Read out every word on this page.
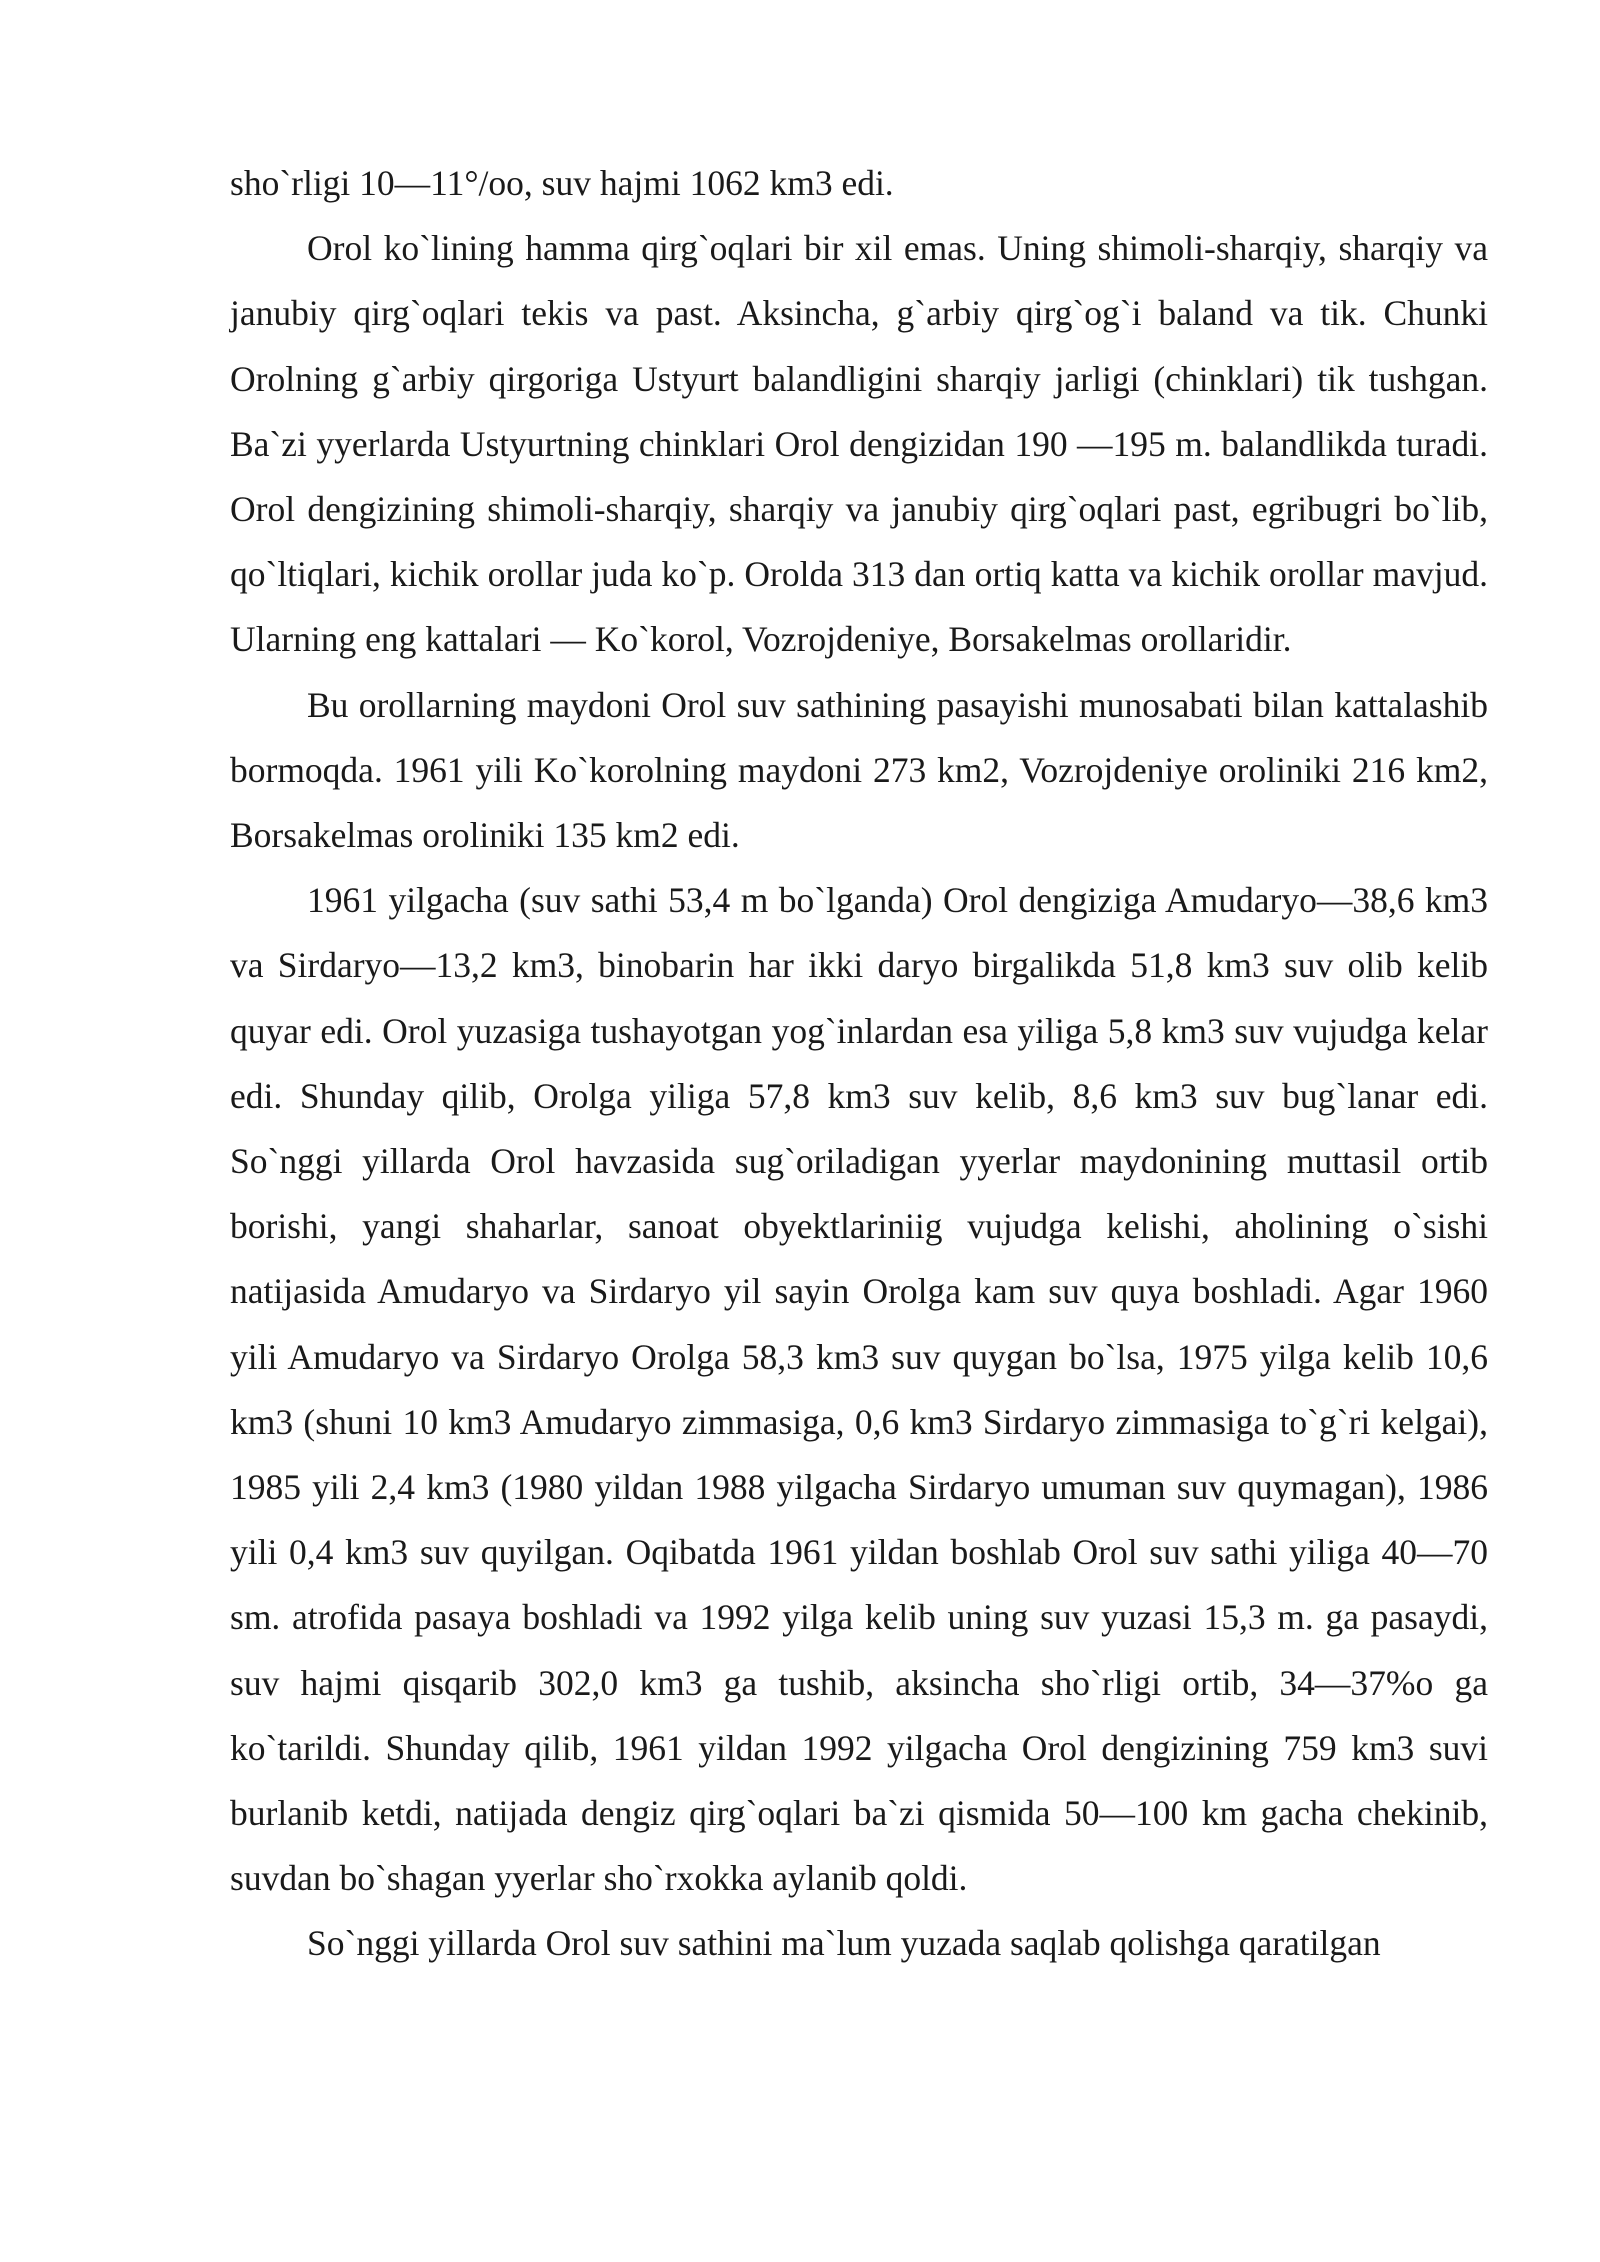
sho`rligi 10—11°/oo, suv hajmi 1062 km3 edi.

Orol ko`lining hamma qirg`oqlari bir xil emas. Uning shimoli-sharqiy, sharqiy va janubiy qirg`oqlari tekis va past. Aksincha, g`arbiy qirg`og`i baland va tik. Chunki Orolning g`arbiy qirgoriga Ustyurt balandligini sharqiy jarligi (chinklari) tik tushgan. Ba`zi yyerlarda Ustyurtning chinklari Orol dengizidan 190 —195 m. balandlikda turadi. Orol dengizining shimoli-sharqiy, sharqiy va janubiy qirg`oqlari past, egribugri bo`lib, qo`ltiqlari, kichik orollar juda ko`p. Orolda 313 dan ortiq katta va kichik orollar mavjud. Ularning eng kattalari — Ko`korol, Vozrojdeniye, Borsakelmas orollaridir.

Bu orollarning maydoni Orol suv sathining pasayishi munosabati bilan kattalashib bormoqda. 1961 yili Ko`korolning maydoni 273 km2, Vozrojdeniye oroliniki 216 km2, Borsakelmas oroliniki 135 km2 edi.

1961 yilgacha (suv sathi 53,4 m bo`lganda) Orol dengiziga Amudaryo—38,6 km3 va Sirdaryo—13,2 km3, binobarin har ikki daryo birgalikda 51,8 km3 suv olib kelib quyar edi. Orol yuzasiga tushayotgan yog`inlardan esa yiliga 5,8 km3 suv vujudga kelar edi. Shunday qilib, Orolga yiliga 57,8 km3 suv kelib, 8,6 km3 suv bug`lanar edi. So`nggi yillarda Orol havzasida sug`oriladigan yyerlar maydonining muttasil ortib borishi, yangi shaharlar, sanoat obyektlariniig vujudga kelishi, aholining o`sishi natijasida Amudaryo va Sirdaryo yil sayin Orolga kam suv quya boshladi. Agar 1960 yili Amudaryo va Sirdaryo Orolga 58,3 km3 suv quygan bo`lsa, 1975 yilga kelib 10,6 km3 (shuni 10 km3 Amudaryo zimmasiga, 0,6 km3 Sirdaryo zimmasiga to`g`ri kelgai), 1985 yili 2,4 km3 (1980 yildan 1988 yilgacha Sirdaryo umuman suv quymagan), 1986 yili 0,4 km3 suv quyilgan. Oqibatda 1961 yildan boshlab Orol suv sathi yiliga 40—70 sm. atrofida pasaya boshladi va 1992 yilga kelib uning suv yuzasi 15,3 m. ga pasaydi, suv hajmi qisqarib 302,0 km3 ga tushib, aksincha sho`rligi ortib, 34—37%o ga ko`tarildi. Shunday qilib, 1961 yildan 1992 yilgacha Orol dengizining 759 km3 suvi burlanib ketdi, natijada dengiz qirg`oqlari ba`zi qismida 50—100 km gacha chekinib, suvdan bo`shagan yyerlar sho`rxokka aylanib qoldi.

So`nggi yillarda Orol suv sathini ma`lum yuzada saqlab qolishga qaratilgan
